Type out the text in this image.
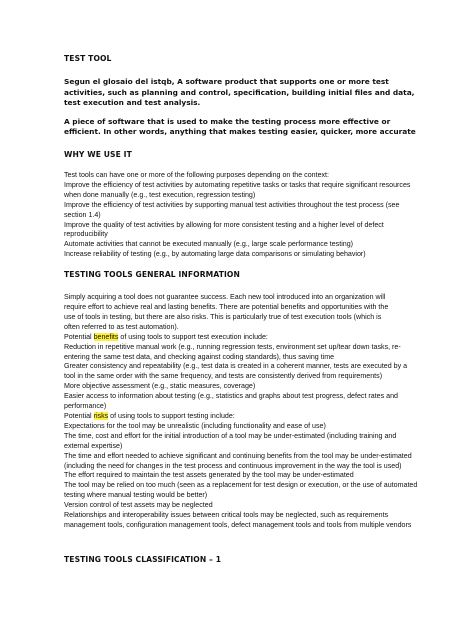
TEST TOOL

Segun el glosaio del istqb, A software product that supports one or more test activities, such as planning and control, specification, building initial files and data, test execution and test analysis.

A piece of software that is used to make the testing process more effective or efficient. In other words, anything that makes testing easier, quicker, more accurate

WHY WE USE IT

Test tools can have one or more of the following purposes depending on the context:
Improve the efficiency of test activities by automating repetitive tasks or tasks that require significant resources when done manually (e.g., test execution, regression testing)
Improve the efficiency of test activities by supporting manual test activities throughout the test process (see section 1.4)
Improve the quality of test activities by allowing for more consistent testing and a higher level of defect reproducibility
Automate activities that cannot be executed manually (e.g., large scale performance testing)
Increase reliability of testing (e.g., by automating large data comparisons or simulating behavior)

TESTING TOOLS GENERAL INFORMATION

Simply acquiring a tool does not guarantee success. Each new tool introduced into an organization will
require effort to achieve real and lasting benefits. There are potential benefits and opportunities with the
use of tools in testing, but there are also risks. This is particularly true of test execution tools (which is
often referred to as test automation).

Potential benefits of using tools to support test execution include:

Reduction in repetitive manual work (e.g., running regression tests, environment set up/tear down tasks, re-entering the same test data, and checking against coding standards), thus saving time
Greater consistency and repeatability (e.g., test data is created in a coherent manner, tests are executed by a tool in the same order with the same frequency, and tests are consistently derived from requirements)
More objective assessment (e.g., static measures, coverage)
Easier access to information about testing (e.g., statistics and graphs about test progress, defect rates and performance)

Potential risks of using tools to support testing include:

Expectations for the tool may be unrealistic (including functionality and ease of use)
The time, cost and effort for the initial introduction of a tool may be under-estimated (including training and external expertise)
The time and effort needed to achieve significant and continuing benefits from the tool may be under-estimated (including the need for changes in the test process and continuous improvement in the way the tool is used)
The effort required to maintain the test assets generated by the tool may be under-estimated
The tool may be relied on too much (seen as a replacement for test design or execution, or the use of automated testing where manual testing would be better)
Version control of test assets may be neglected
Relationships and interoperability issues between critical tools may be neglected, such as requirements management tools, configuration management tools, defect management tools and tools from multiple vendors

TESTING TOOLS CLASSIFICATION – 1
